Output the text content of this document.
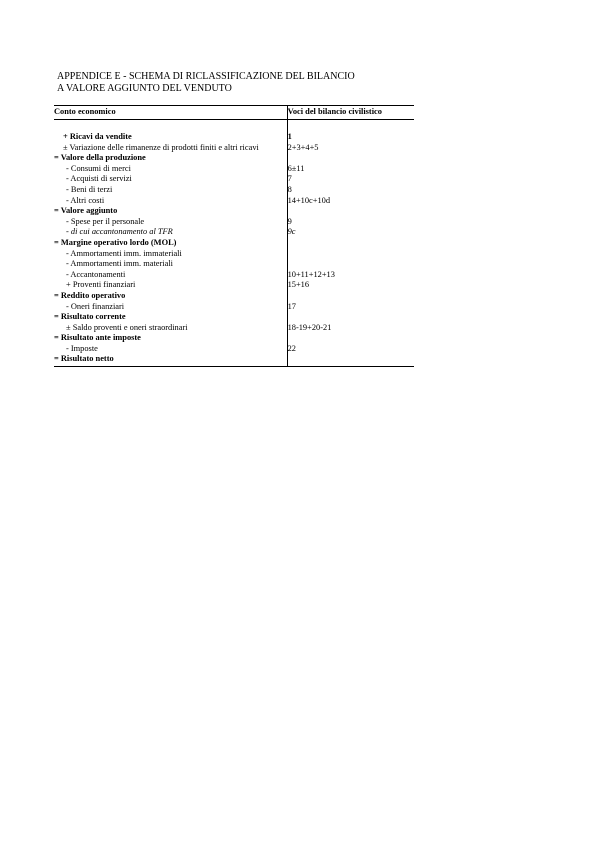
APPENDICE E - SCHEMA DI RICLASSIFICAZIONE DEL BILANCIO
A VALORE AGGIUNTO DEL VENDUTO
Conto economico	Voci del bilancio civilistico

+ Ricavi da vendite	1

± Variazione delle rimanenze di prodotti finiti e altri ricavi	2+3+4+5

= Valore della produzione	

- Consumi di merci	6±11

- Acquisti di servizi	7

- Beni di terzi	8

- Altri costi	14+10c+10d

= Valore aggiunto	

- Spese per il personale	9

- di cui accantonamento al TFR	9c

= Margine operativo lordo (MOL)	

- Ammortamenti imm. immateriali	

- Ammortamenti imm. materiali	

- Accantonamenti	10+11+12+13

+ Proventi finanziari	15+16

= Reddito operativo	

- Oneri finanziari	17

= Risultato corrente	

± Saldo proventi e oneri straordinari	18-19+20-21

= Risultato ante imposte	

- Imposte	22

= Risultato netto	
